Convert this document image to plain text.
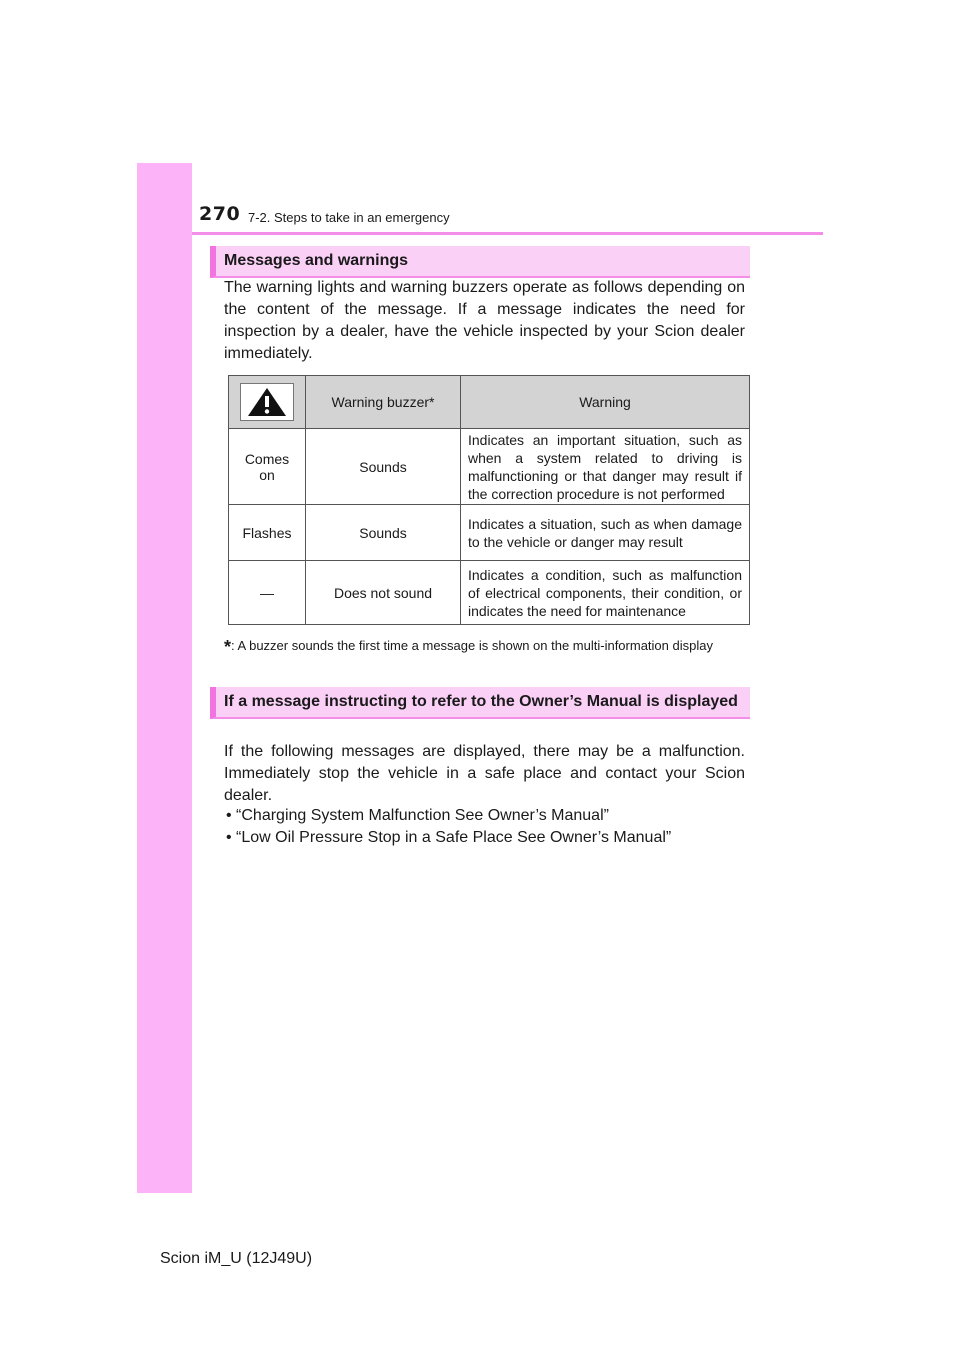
270 7-2. Steps to take in an emergency
Messages and warnings
The warning lights and warning buzzers operate as follows depending on the content of the message. If a message indicates the need for inspection by a dealer, have the vehicle inspected by your Scion dealer immediately.
	Warning buzzer*	Warning
Comes on	Sounds	Indicates an important situation, such as when a system related to driving is malfunctioning or that danger may result if the correction procedure is not performed
Flashes	Sounds	Indicates a situation, such as when damage to the vehicle or danger may result
—	Does not sound	Indicates a condition, such as malfunction of electrical components, their condition, or indicates the need for maintenance
*: A buzzer sounds the first time a message is shown on the multi-information display
If a message instructing to refer to the Owner’s Manual is displayed
If the following messages are displayed, there may be a malfunction. Immediately stop the vehicle in a safe place and contact your Scion dealer.
• “Charging System Malfunction See Owner’s Manual”
• “Low Oil Pressure Stop in a Safe Place See Owner’s Manual”
Scion iM_U (12J49U)
